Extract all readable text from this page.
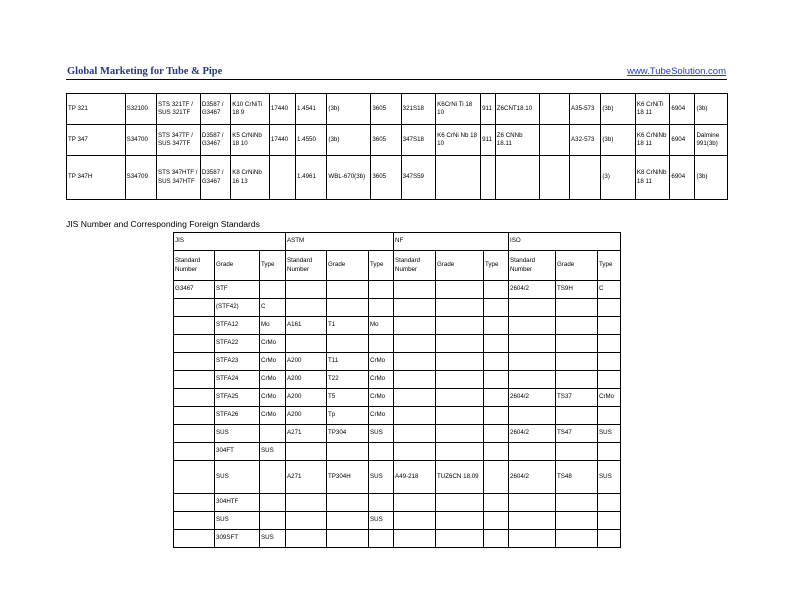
Global Marketing for Tube & Pipe	www.TubeSolution.com
TP 321	S32100	STS 321TF / SUS 321TF	D3587 / G3467	K10 CrNiTi 18 9	17440	1.4541	(3b)	3605	321S18	K6CrNi Ti 18 10	911	Z6CNT18.10		A35-573	(3b)	K6 CrNiTi 18 11	6904	(3b)
TP 347	S34700	STS 347TF / SUS 347TF	D3587 / G3467	K5 CrNiNb 18 10	17440	1.4550	(3b)	3605	347S18	K6 CrNi Nb 18 10	911	Z6 CNNb 18.11		A32-573	(3b)	K6 CrNiNb 18 11	6904	Dalmine 991(3b)
TP 347H	S34709	STS 347HTF / SUS 347HTF	D3587 / G3467	K8 CrNiNb 16 13		1.4961	WBL-670(3b)	3605	347S59						(3)	K8 CrNiNb 18 11	6904	(3b)
JIS Number and Corresponding Foreign Standards
JIS			ASTM			NF			ISO		
Standard Number	Grade	Type	Standard Number	Grade	Type	Standard Number	Grade	Type	Standard Number	Grade	Type
G3467	STF								2604/2	TS9H	C
	(STF42)	C									
	STFA12	Mo	A161	T1	Mo						
	STFA22	CrMo									
	STFA23	CrMo	A200	T11	CrMo						
	STFA24	CrMo	A200	T22	CrMo						
	STFA25	CrMo	A200	T5	CrMo				2604/2	TS37	CrMo
	STFA26	CrMo	A200	Tp	CrMo						
	SUS		A271	TP304	SUS				2604/2	TS47	SUS
	304FT	SUS									
	SUS		A271	TP304H	SUS	A49-218	TUZ6CN 18.09		2604/2	TS48	SUS
	304HTF										
	SUS				SUS						
	309SFT	SUS									
